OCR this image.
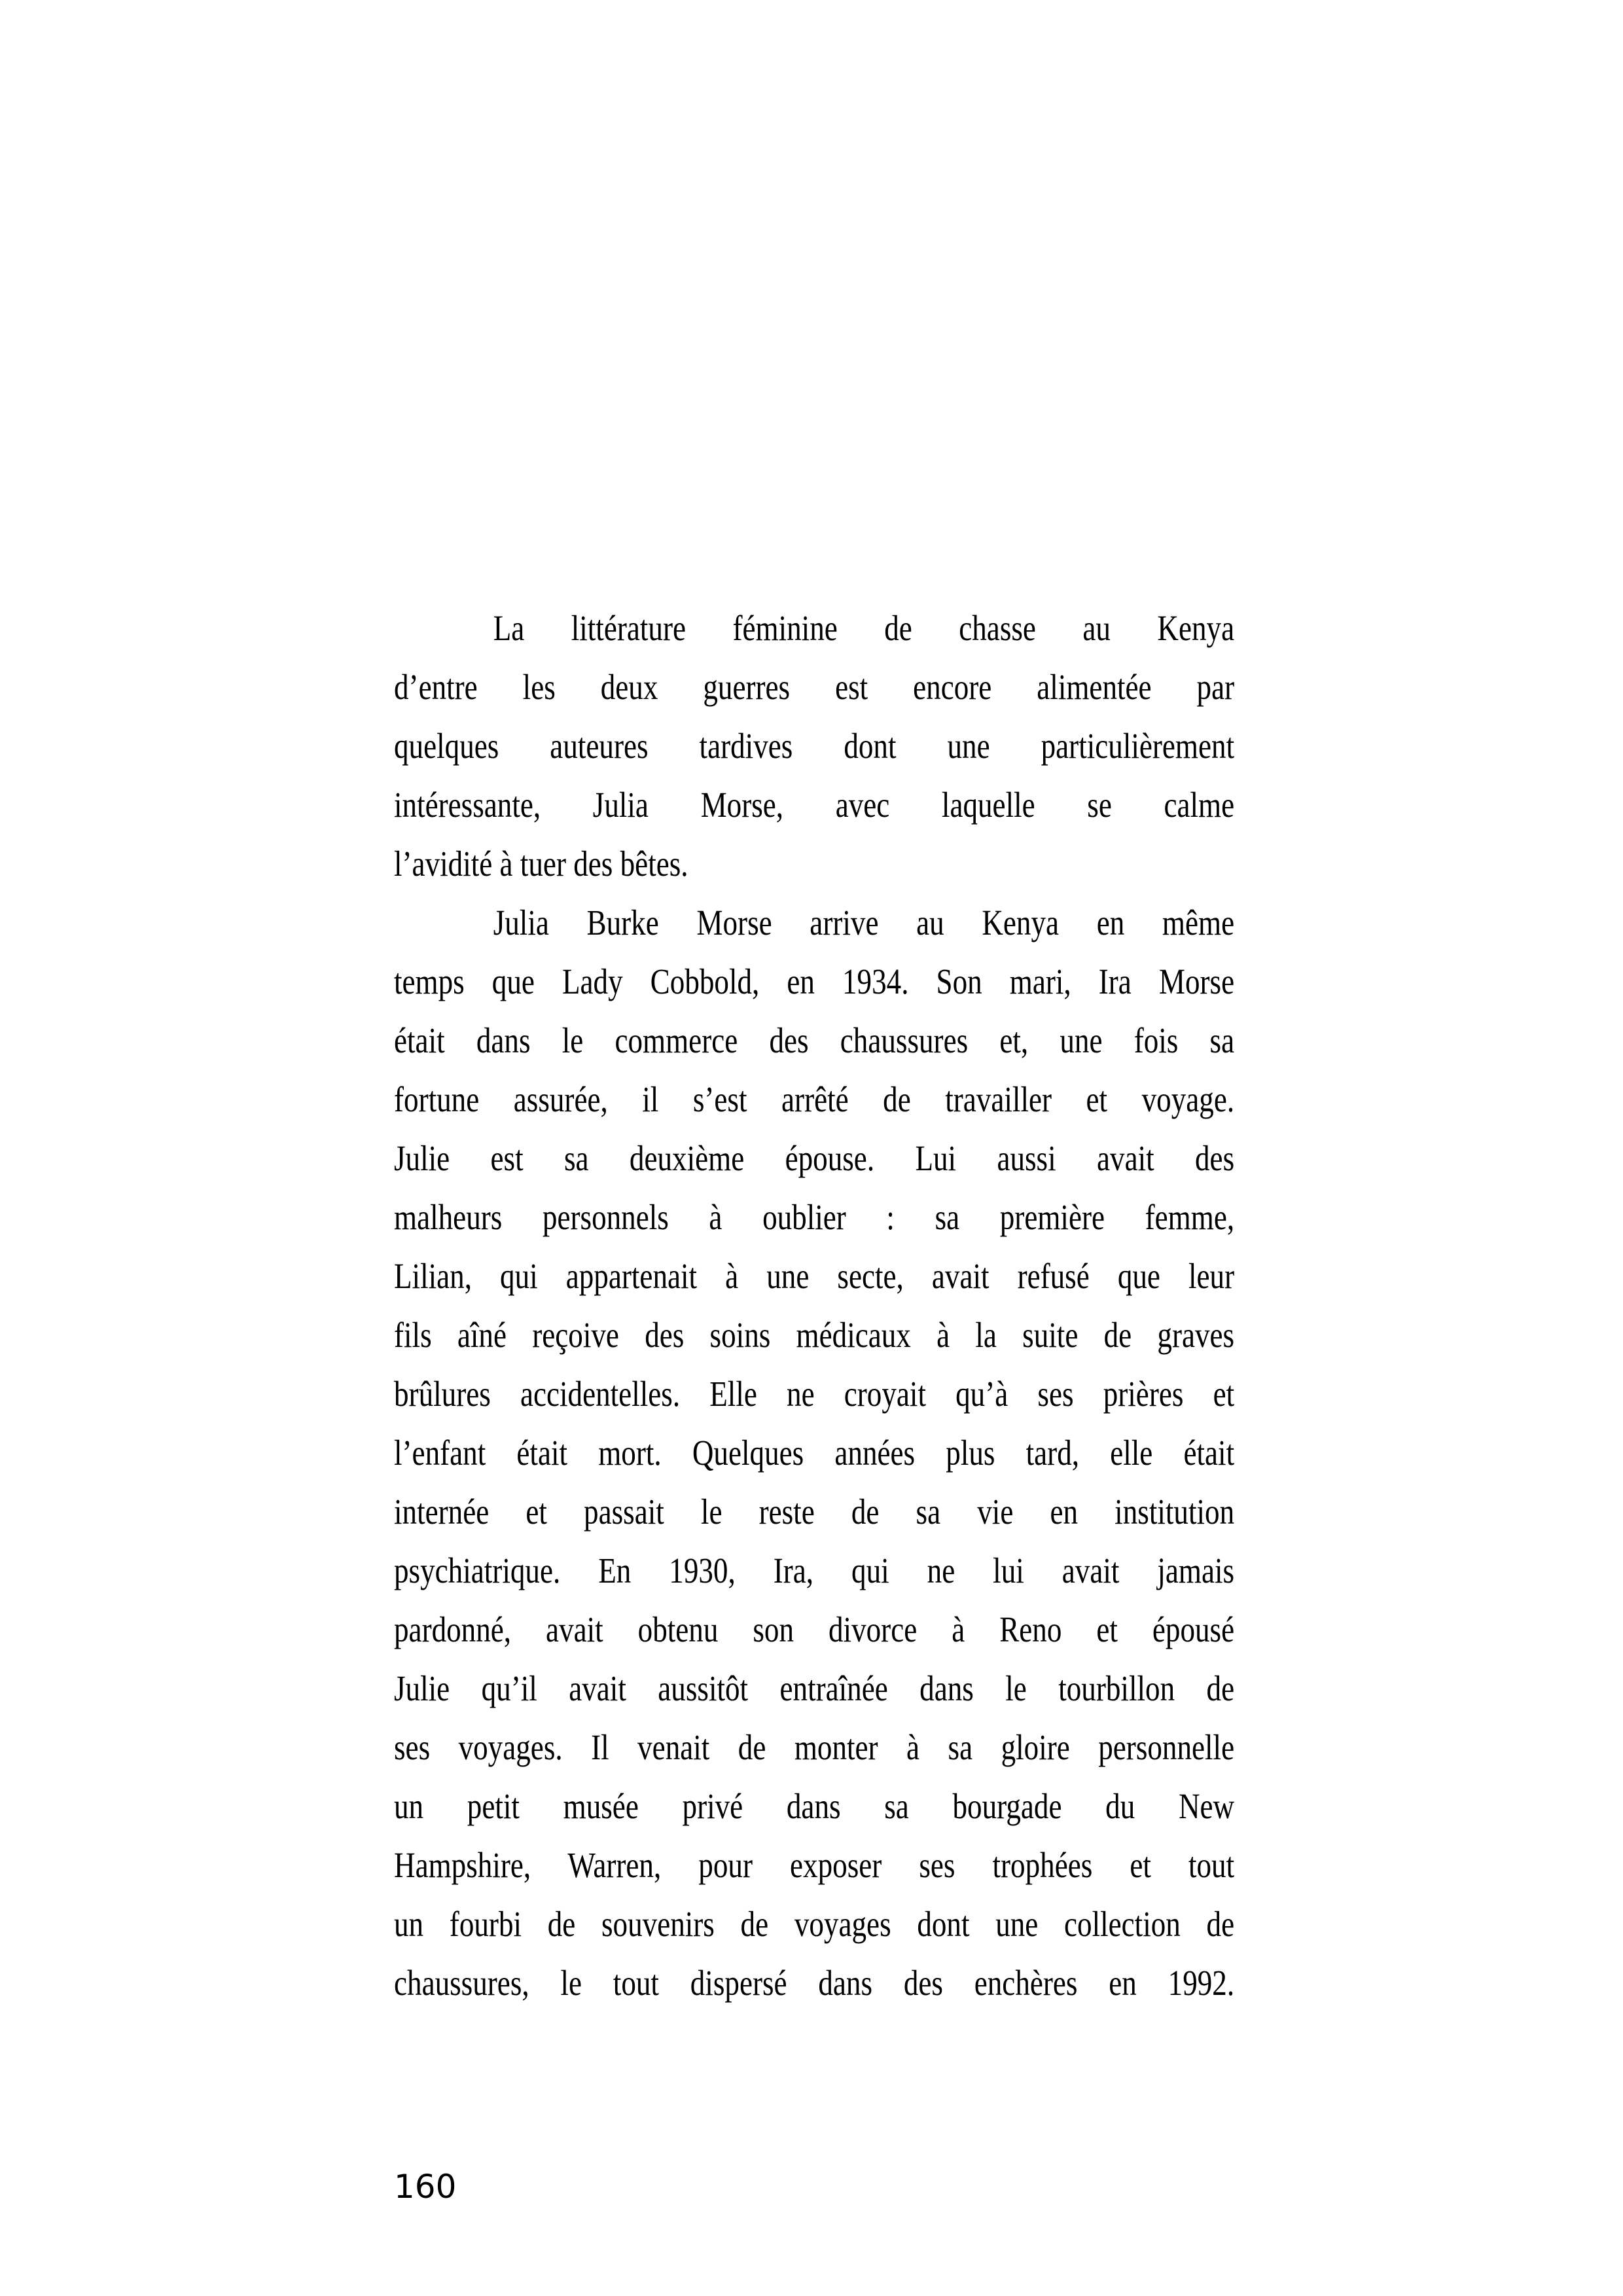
La littérature féminine de chasse au Kenya
d’entre les deux guerres est encore alimentée par
quelques auteures tardives dont une particulièrement
intéressante, Julia Morse, avec laquelle se calme
l’avidité à tuer des bêtes.
Julia Burke Morse arrive au Kenya en même
temps que Lady Cobbold, en 1934. Son mari, Ira Morse
était dans le commerce des chaussures et, une fois sa
fortune assurée, il s’est arrêté de travailler et voyage.
Julie est sa deuxième épouse. Lui aussi avait des
malheurs personnels à oublier : sa première femme,
Lilian, qui appartenait à une secte, avait refusé que leur
fils aîné reçoive des soins médicaux à la suite de graves
brûlures accidentelles. Elle ne croyait qu’à ses prières et
l’enfant était mort. Quelques années plus tard, elle était
internée et passait le reste de sa vie en institution
psychiatrique. En 1930, Ira, qui ne lui avait jamais
pardonné, avait obtenu son divorce à Reno et épousé
Julie qu’il avait aussitôt entraînée dans le tourbillon de
ses voyages. Il venait de monter à sa gloire personnelle
un petit musée privé dans sa bourgade du New
Hampshire, Warren, pour exposer ses trophées et tout
un fourbi de souvenirs de voyages dont une collection de
chaussures, le tout dispersé dans des enchères en 1992.
160
